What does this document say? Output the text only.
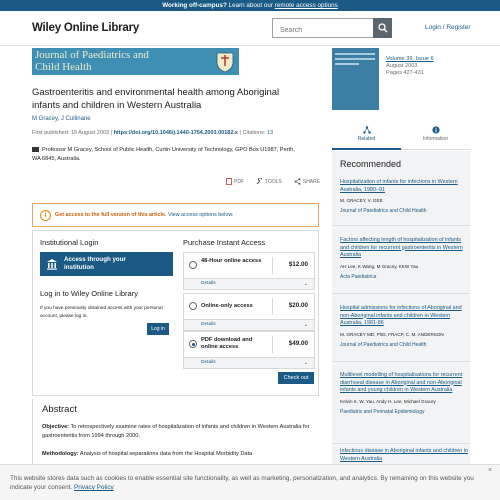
Working off-campus? Learn about our remote access options
Wiley Online Library
Search	Login / Register
Journal of Paediatrics and
Child Health
Gastroenteritis and environmental health among Aboriginal infants and children in Western Australia
M Gracey, J Cullinane
First published: 19 August 2003 | https://doi.org/10.1046/j.1440-1754.2003.00182.x | Citations: 13
Professor M Gracey, School of Public Health, Curtin University of Technology, GPO Box U1987, Perth, WA 6845, Australia.
PDF	TOOLS	SHARE
i	Get access to the full version of this article. View access options below.
Institutional Login
Access through your
institution
Log in to Wiley Online Library
If you have previously obtained access with your personal account, please log in.
Log in
Purchase Instant Access
48-Hour online access	$12.00
Details	⌄
Online-only access	$20.00
Details	⌄
PDF download and online access	$49.00
Details	⌄
Check out
Abstract
Objective: To retrospectively examine rates of hospitalization of infants and children in Western Australia for gastroenteritis from 1994 through 2000.
Methodology: Analysis of hospital separations data from the Hospital Morbidity Data
Volume 39, Issue 6
August 2003
Pages 427-431
Related	Information
Recommended
Hospitalization of infants for infections in Western Australia, 1980–91
M. GRACEY, V. GEE
Journal of Paediatrics and Child Health
Factors affecting length of hospitalization of infants and children for recurrent gastroenteritis in Western Australia
AH Lee, K Wang, M Gracey, KKW Yau
Acta Paediatrica
Hospital admissions for infections of Aboriginal and non-Aboriginal infants and children in Western Australia, 1981-86
M. GRACEY MD, PhD, FRACP, C. M. ANDERSON
Journal of Paediatrics and Child Health
Multilevel modelling of hospitalisations for recurrent diarrhoeal disease in Aboriginal and non-Aboriginal infants and young children in Western Australia
Kelvin K. W. Yau, Andy H. Lee, Michael Gracey
Paediatric and Perinatal Epidemiology
Infectious disease in Aboriginal infants and children in Western Australia
This website stores data such as cookies to enable essential site functionality, as well as marketing, personalization, and analytics. By remaining on this website you indicate your consent. Privacy Policy
×
